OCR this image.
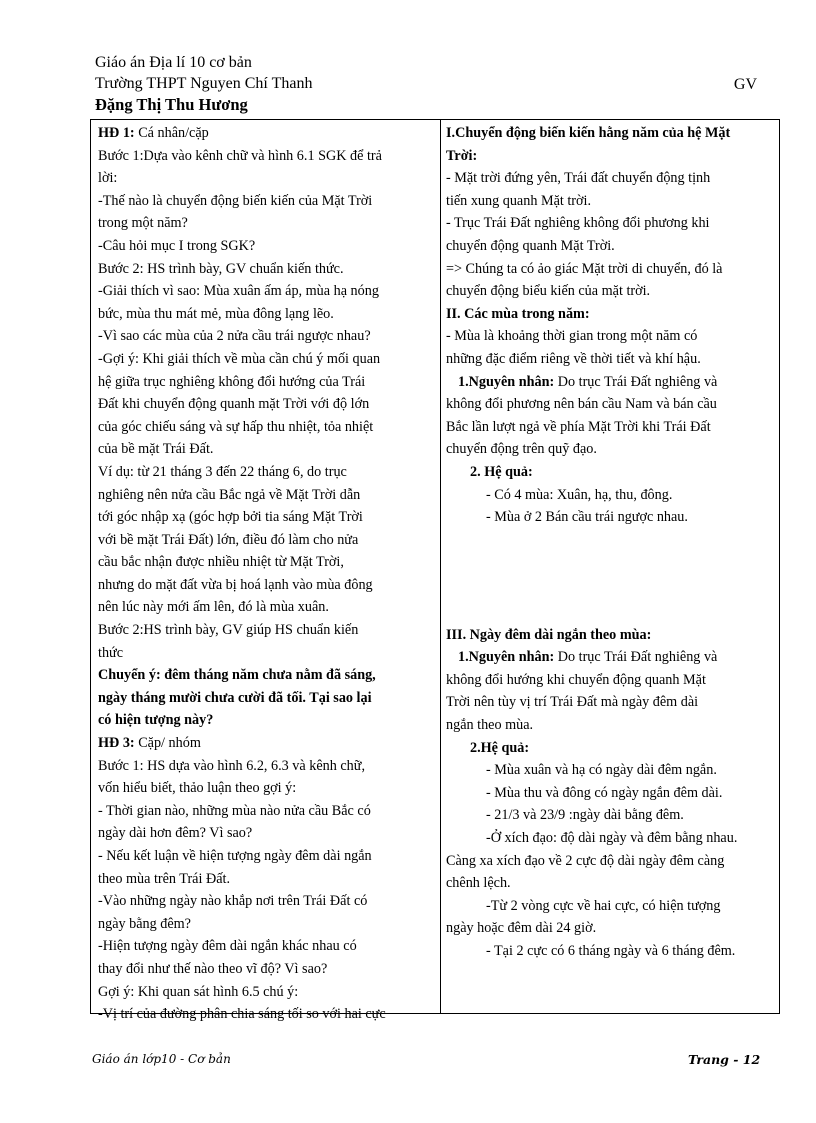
Giáo án Địa lí 10 cơ bản
Trường THPT Nguyen Chí Thanh	GV
Đặng Thị Thu Hương
HĐ 1: Cá nhân/cặp
Bước 1:Dựa vào kênh chữ và hình 6.1 SGK để trả
lời:
-Thế nào là chuyển động biến kiến của Mặt Trời
trong một năm?
-Câu hỏi mục I trong SGK?
Bước 2: HS trình bày, GV chuẩn kiến thức.
-Giải thích vì sao: Mùa xuân ấm áp, mùa hạ nóng
bức, mùa thu mát mẻ, mùa đông lạng lẽo.
-Vì sao các mùa của 2 nửa cầu trái ngược nhau?
-Gợi ý: Khi giải thích về mùa cần chú ý mối quan
hệ giữa trục nghiêng không đổi hướng của Trái
Đất khi chuyển động quanh mặt Trời với độ lớn
của góc chiếu sáng và sự hấp thu nhiệt, tỏa nhiệt
của bề mặt Trái Đất.
Ví dụ: từ 21 tháng 3 đến 22 tháng 6, do trục
nghiêng nên nửa cầu Bắc ngả về Mặt Trời dẫn
tới góc nhập xạ (góc hợp bởi tia sáng Mặt Trời
với bề mặt Trái Đất) lớn, điều đó làm cho nửa
cầu bắc nhận được nhiều nhiệt từ Mặt Trời,
nhưng do mặt đất vừa bị hoá lạnh vào mùa đông
nên lúc này mới ấm lên, đó là mùa xuân.
Bước 2:HS trình bày, GV giúp HS chuẩn kiến
thức
Chuyển ý: đêm tháng năm chưa nằm đã sáng,
ngày tháng mười chưa cười đã tối. Tại sao lại
có hiện tượng này?
HĐ 3: Cặp/ nhóm
Bước 1: HS dựa vào hình 6.2, 6.3 và kênh chữ,
vốn hiểu biết, thảo luận theo gợi ý:
- Thời gian nào, những mùa nào nửa cầu Bắc có
ngày dài hơn đêm? Vì sao?
- Nếu kết luận về hiện tượng ngày đêm dài ngắn
theo mùa trên Trái Đất.
-Vào những ngày nào khắp nơi trên Trái Đất có
ngày bằng đêm?
-Hiện tượng ngày đêm dài ngắn khác nhau có
thay đổi như thế nào theo vĩ độ? Vì sao?
Gợi ý: Khi quan sát hình 6.5 chú ý:
-Vị trí của đường phân chia sáng tối so với hai cực
I.Chuyển động biến kiến hằng năm của hệ Mặt
Trời:
- Mặt trời đứng yên, Trái đất chuyển động tịnh
tiến xung quanh Mặt trời.
- Trục Trái Đất nghiêng không đổi phương khi
chuyển động quanh Mặt Trời.
=> Chúng ta có ảo giác Mặt trời di chuyển, đó là
chuyển động biểu kiến của mặt trời.
II. Các mùa trong năm:
- Mùa là khoảng thời gian trong một năm có
những đặc điểm riêng về thời tiết và khí hậu.
1.Nguyên nhân: Do trục Trái Đất nghiêng và
không đổi phương nên bán cầu Nam và bán cầu
Bắc lần lượt ngả về phía Mặt Trời khi Trái Đất
chuyển động trên quỹ đạo.
2. Hệ quả:
- Có 4 mùa: Xuân, hạ, thu, đông.
- Mùa ở 2 Bán cầu trái ngược nhau.
III. Ngày đêm dài ngắn theo mùa:
1.Nguyên nhân: Do trục Trái Đất nghiêng và
không đổi hướng khi chuyển động quanh Mặt
Trời nên tùy vị trí Trái Đất mà ngày đêm dài
ngắn theo mùa.
2.Hệ quả:
- Mùa xuân và hạ có ngày dài đêm ngắn.
- Mùa thu và đông có ngày ngắn đêm dài.
- 21/3 và 23/9 :ngày dài bằng đêm.
-Ở xích đạo: độ dài ngày và đêm bằng nhau.
Càng xa xích đạo về 2 cực độ dài ngày đêm càng
chênh lệch.
-Từ 2 vòng cực về hai cực, có hiện tượng
ngày hoặc đêm dài 24 giờ.
- Tại 2 cực có 6 tháng ngày và 6 tháng đêm.
Giáo án lớp10 - Cơ bản	Trang - 12
